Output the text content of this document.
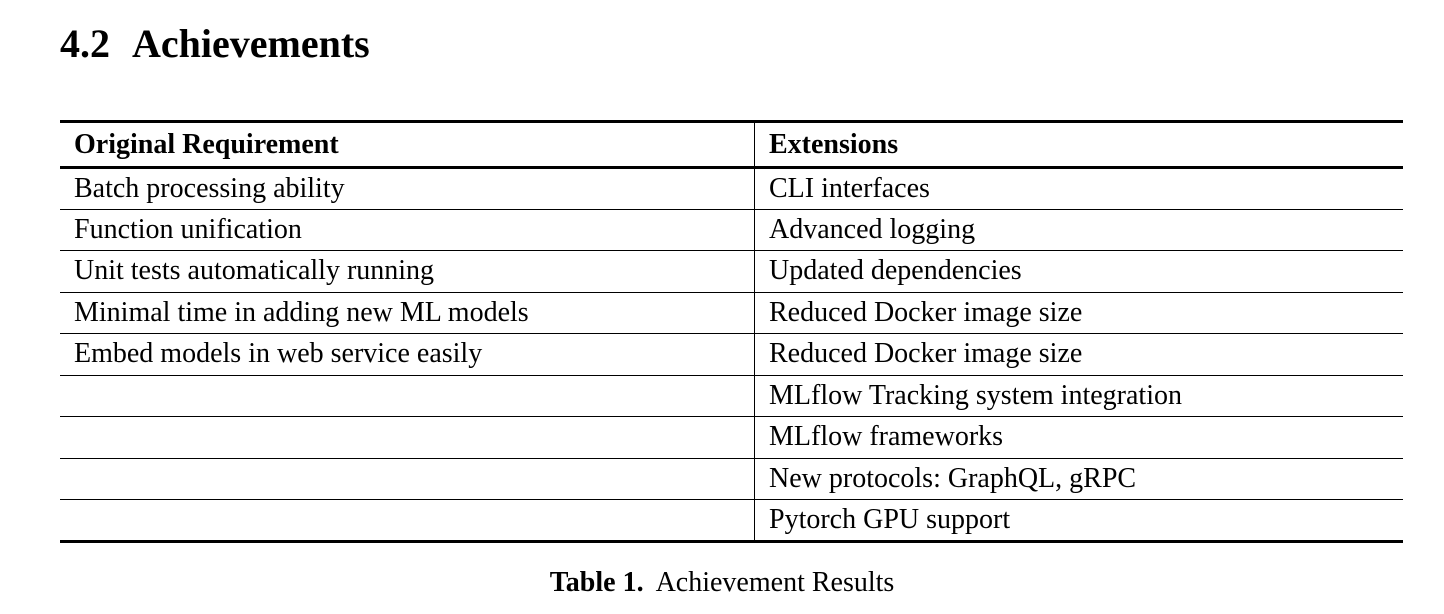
4.2 Achievements
Original Requirement	Extensions
Batch processing ability	CLI interfaces
Function unification	Advanced logging
Unit tests automatically running	Updated dependencies
Minimal time in adding new ML models	Reduced Docker image size
Embed models in web service easily	Reduced Docker image size
	MLflow Tracking system integration
	MLflow frameworks
	New protocols: GraphQL, gRPC
	Pytorch GPU support

Table 1. Achievement Results
